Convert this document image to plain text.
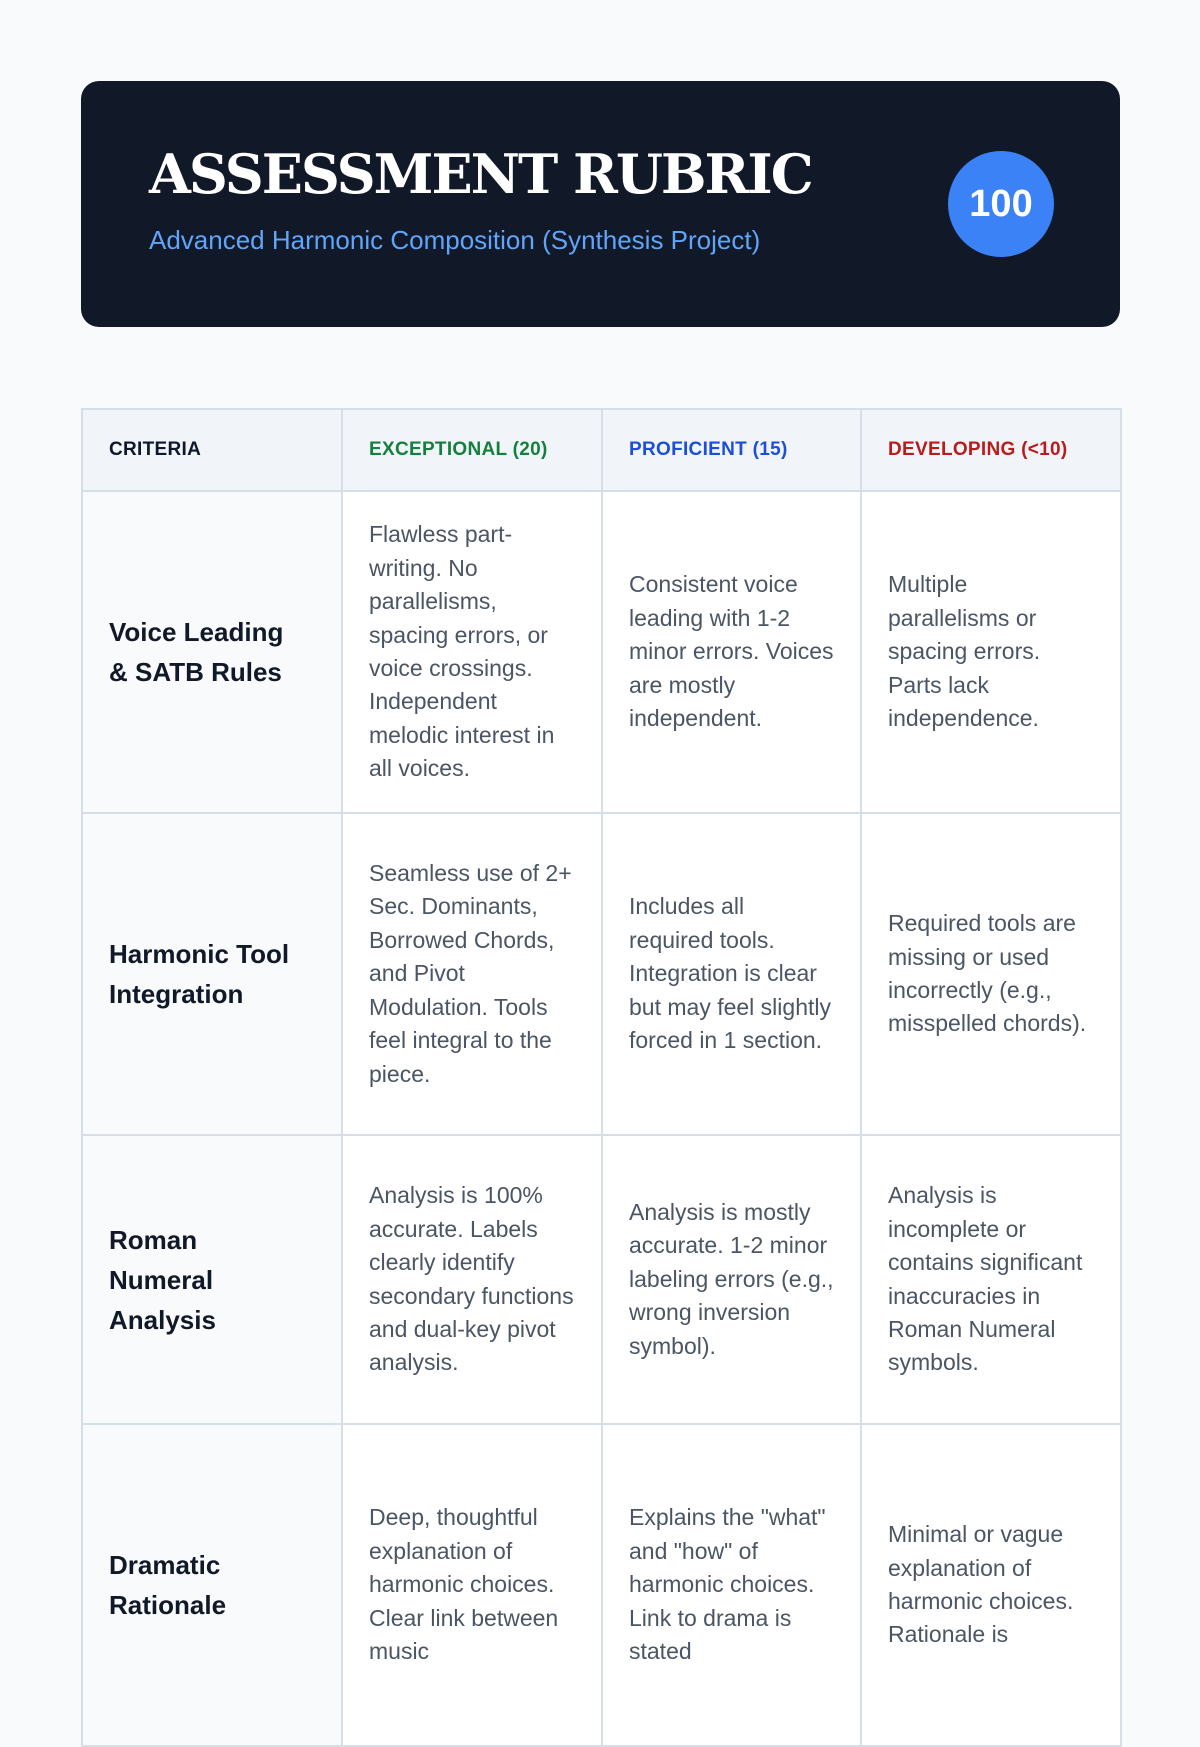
ASSESSMENT RUBRIC
Advanced Harmonic Composition (Synthesis Project)
100
CRITERIA	EXCEPTIONAL (20)	PROFICIENT (15)	DEVELOPING (<10)
Voice Leading & SATB Rules	Flawless part-writing. No parallelisms, spacing errors, or voice crossings. Independent melodic interest in all voices.	Consistent voice leading with 1-2 minor errors. Voices are mostly independent.	Multiple parallelisms or spacing errors. Parts lack independence.
Harmonic Tool Integration	Seamless use of 2+ Sec. Dominants, Borrowed Chords, and Pivot Modulation. Tools feel integral to the piece.	Includes all required tools. Integration is clear but may feel slightly forced in 1 section.	Required tools are missing or used incorrectly (e.g., misspelled chords).
Roman Numeral Analysis	Analysis is 100% accurate. Labels clearly identify secondary functions and dual-key pivot analysis.	Analysis is mostly accurate. 1-2 minor labeling errors (e.g., wrong inversion symbol).	Analysis is incomplete or contains significant inaccuracies in Roman Numeral symbols.
Dramatic Rationale	Deep, thoughtful explanation of harmonic choices. Clear link between music	Explains the "what" and "how" of harmonic choices. Link to drama is stated	Minimal or vague explanation of harmonic choices. Rationale is
